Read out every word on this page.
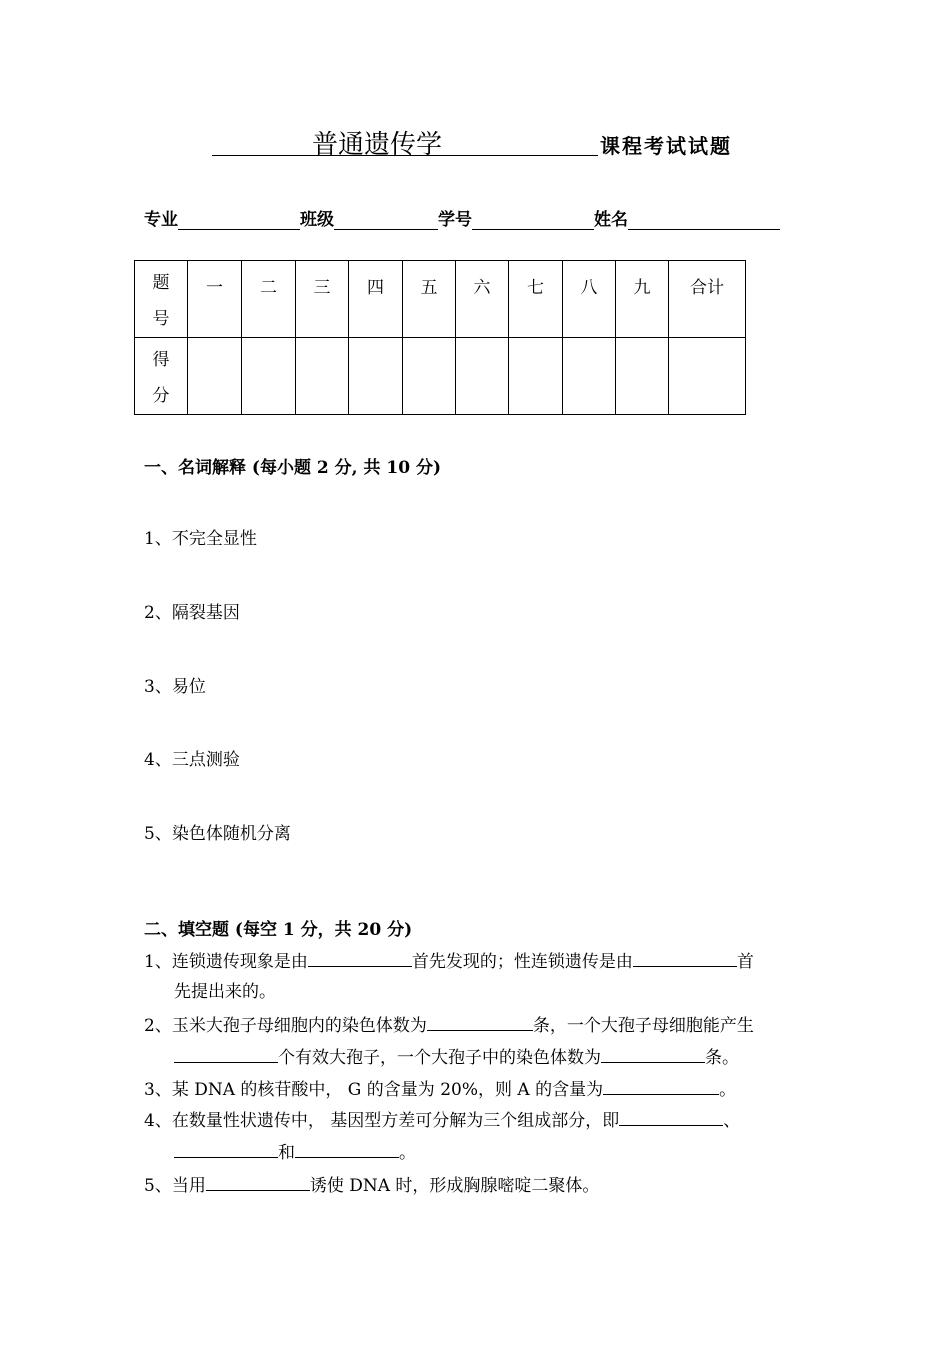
普通遗传学	课程考试试题
专业	班级	学号	姓名
题
号	一	二	三	四	五	六	七	八	九	合计

得
分										

一、名词解释 (每小题 2 分, 共 10 分)
1、不完全显性
2、隔裂基因
3、易位
4、三点测验
5、染色体随机分离
二、填空题 (每空 1 分，共 20 分)
1、连锁遗传现象是由	首先发现的；性连锁遗传是由	首
先提出来的。
2、玉米大孢子母细胞内的染色体数为	条，一个大孢子母细胞能产生
个有效大孢子，一个大孢子中的染色体数为	条。
3、某 DNA 的核苷酸中， G 的含量为 20%，则 A 的含量为	。
4、在数量性状遗传中， 基因型方差可分解为三个组成部分，即	、
和	。
5、当用	诱使 DNA 时，形成胸腺嘧啶二聚体。
